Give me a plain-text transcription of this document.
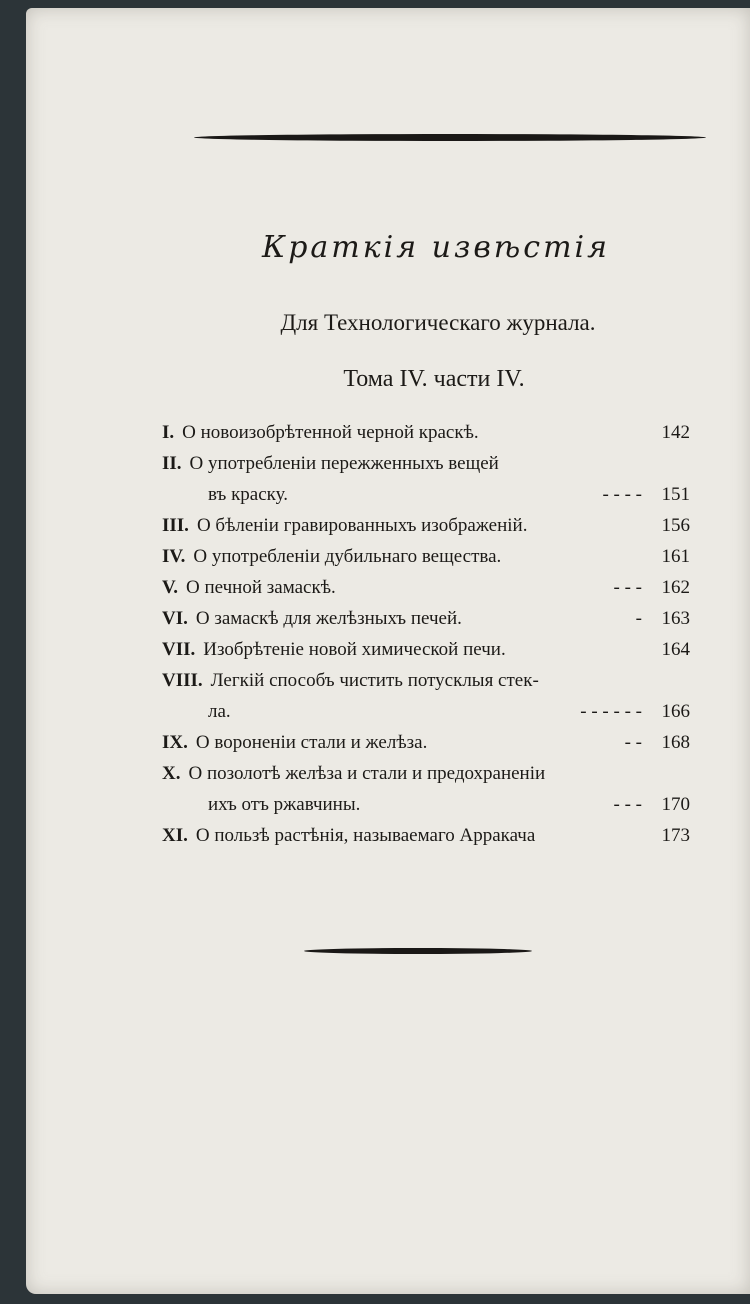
Краткія извѣстія
Для Технологическаго журнала.
Тома IV. части IV.
I. О новоизобрѣтенной черной краскѣ.	142
II. О употребленіи пережженныхъ вещей
въ краску.	- - - -	151
III. О бѣленіи гравированныхъ изображеній.	156
IV. О употребленіи дубильнаго вещества.	161
V. О печной замаскѣ.	- - -	162
VI. О замаскѣ для желѣзныхъ печей.	-	163
VII. Изобрѣтеніе новой химической печи.	164
VIII. Легкій способъ чистить потусклыя стек-
ла.	- - - - - -	166
IX. О вороненіи стали и желѣза.	- -	168
X. О позолотѣ желѣза и стали и предохраненіи
ихъ отъ ржавчины.	- - -	170
XI. О пользѣ растѣнія, называемаго Арракача	173
